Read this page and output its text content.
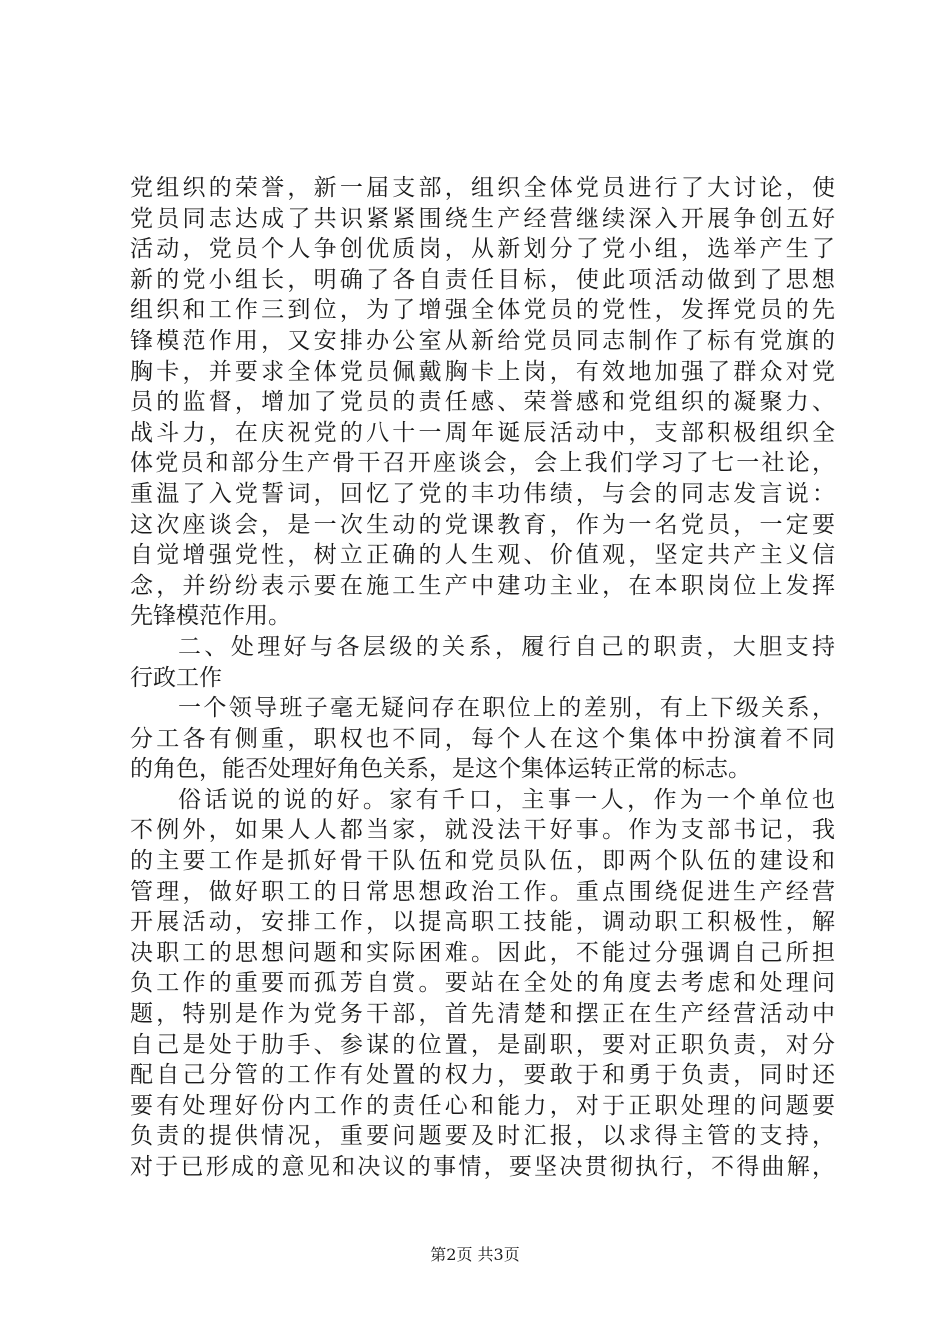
党组织的荣誉，新一届支部，组织全体党员进行了大讨论，使
党员同志达成了共识紧紧围绕生产经营继续深入开展争创五好
活动，党员个人争创优质岗，从新划分了党小组，选举产生了
新的党小组长，明确了各自责任目标，使此项活动做到了思想
组织和工作三到位，为了增强全体党员的党性，发挥党员的先
锋模范作用，又安排办公室从新给党员同志制作了标有党旗的
胸卡，并要求全体党员佩戴胸卡上岗，有效地加强了群众对党
员的监督，增加了党员的责任感、荣誉感和党组织的凝聚力、
战斗力，在庆祝党的八十一周年诞辰活动中，支部积极组织全
体党员和部分生产骨干召开座谈会，会上我们学习了七一社论，
重温了入党誓词，回忆了党的丰功伟绩，与会的同志发言说：
这次座谈会，是一次生动的党课教育，作为一名党员，一定要
自觉增强党性，树立正确的人生观、价值观，坚定共产主义信
念，并纷纷表示要在施工生产中建功主业，在本职岗位上发挥
先锋模范作用。
二、处理好与各层级的关系，履行自己的职责，大胆支持
行政工作
一个领导班子毫无疑问存在职位上的差别，有上下级关系，
分工各有侧重，职权也不同，每个人在这个集体中扮演着不同
的角色，能否处理好角色关系，是这个集体运转正常的标志。
俗话说的说的好。家有千口，主事一人，作为一个单位也
不例外，如果人人都当家，就没法干好事。作为支部书记，我
的主要工作是抓好骨干队伍和党员队伍，即两个队伍的建设和
管理，做好职工的日常思想政治工作。重点围绕促进生产经营
开展活动，安排工作，以提高职工技能，调动职工积极性，解
决职工的思想问题和实际困难。因此，不能过分强调自己所担
负工作的重要而孤芳自赏。要站在全处的角度去考虑和处理问
题，特别是作为党务干部，首先清楚和摆正在生产经营活动中
自己是处于肋手、参谋的位置，是副职，要对正职负责，对分
配自己分管的工作有处置的权力，要敢于和勇于负责，同时还
要有处理好份内工作的责任心和能力，对于正职处理的问题要
负责的提供情况，重要问题要及时汇报，以求得主管的支持，
对于已形成的意见和决议的事情，要坚决贯彻执行，不得曲解，
第2页 共3页
